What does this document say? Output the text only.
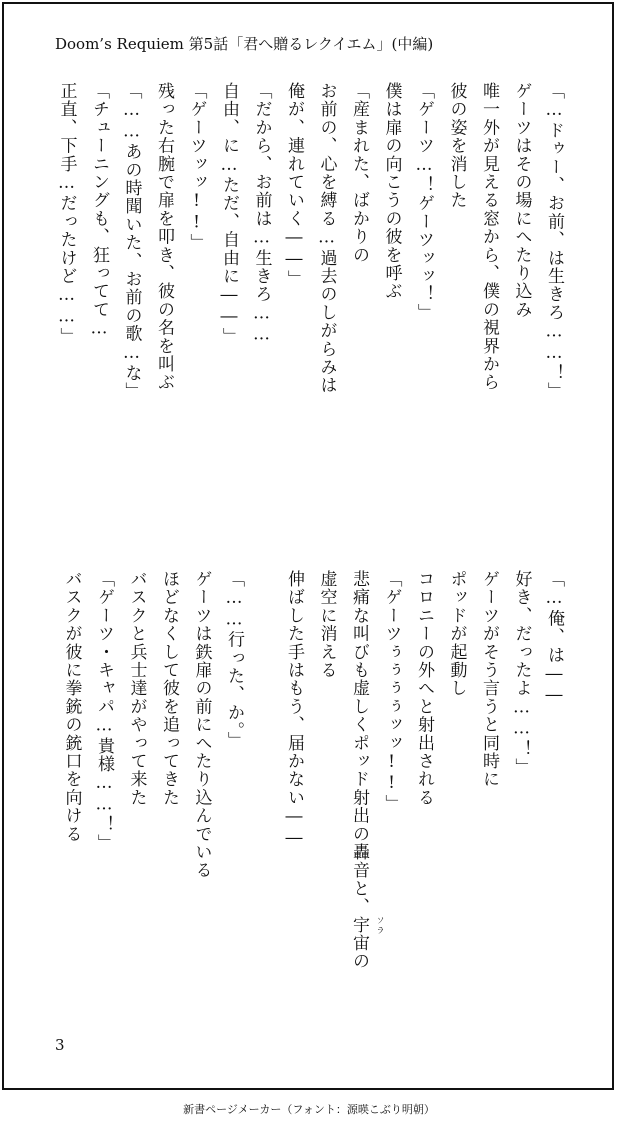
Doom’s Requiem 第5話「君へ贈るレクイエム」(中編)
「…ドゥー、お前、は生きろ……！」
ゲーツはその場にへたり込み
唯一外が見える窓から、僕の視界から
彼の姿を消した
「ゲーツ…！ゲーツッッ！」
僕は扉の向こうの彼を呼ぶ
「産まれた、ばかりの
お前の、心を縛る…過去のしがらみは
俺が、連れていく――」
「だから、お前は…生きろ……
自由、に…ただ、自由に――」
「ゲーツッッ!!」
残った右腕で扉を叩き、彼の名を叫ぶ
「……あの時聞いた、お前の歌…な」
「チューニングも、狂ってて…
正直、下手…だったけど……」
「…俺、は――
好き、だったよ……！」
ゲーツがそう言うと同時に
ポッドが起動し
コロニーの外へと射出される
「ゲーツぅぅぅぅッッ!!」
悲痛な叫びも虚しくポッド射出の轟音と、宇宙 ソラ
の
虚空に消える
伸ばした手はもう、届かない――
「……行った、か。」
ゲーツは鉄扉の前にへたり込んでいる
ほどなくして彼を追ってきた
バスクと兵士達がやって来た
「ゲーツ・キャパ…貴様……！」
バスクが彼に拳銃の銃口を向ける
3
新書ページメーカー（フォント：源暎こぶり明朝）
